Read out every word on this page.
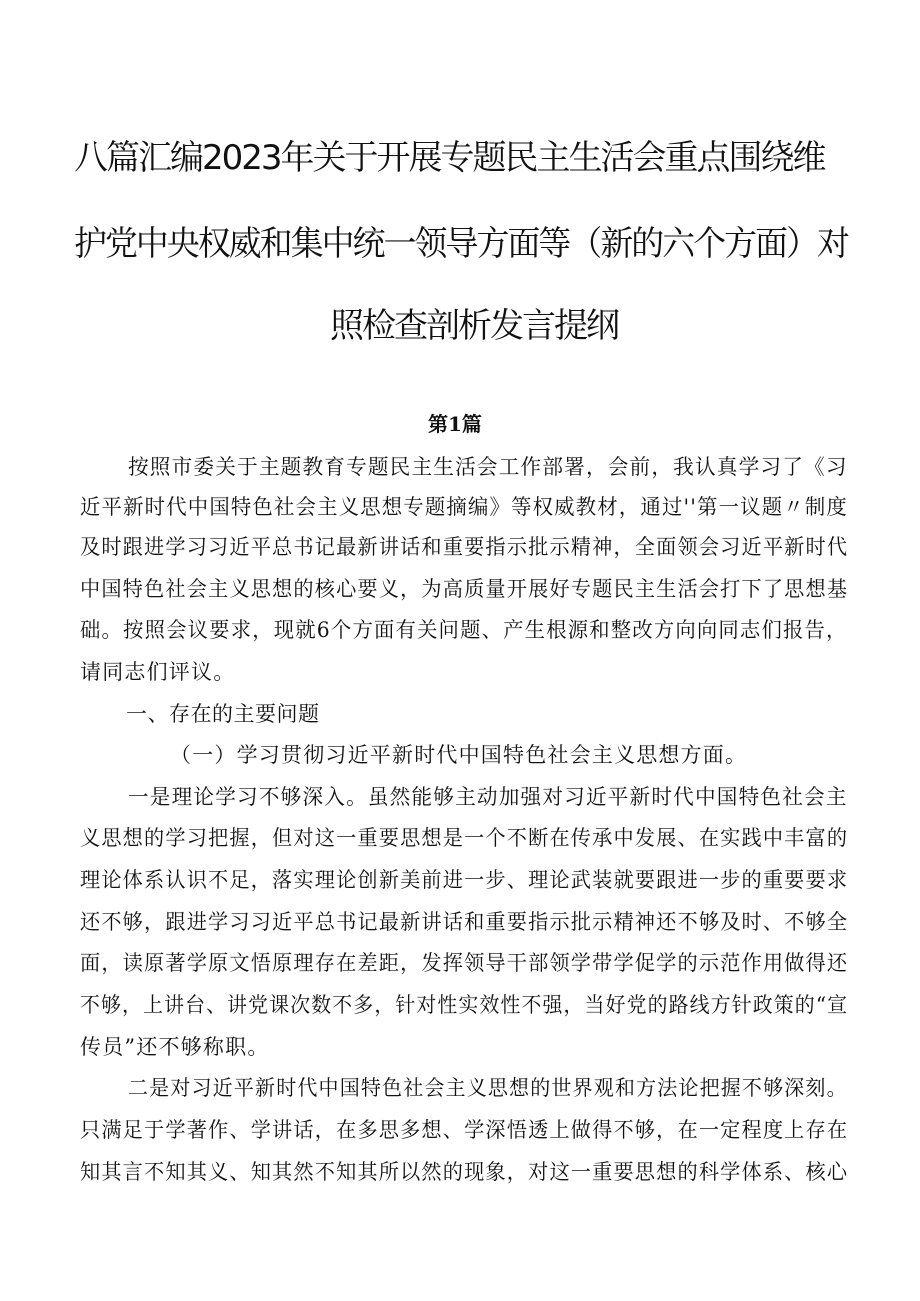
八篇汇编2023年关于开展专题民主生活会重点围绕维
护党中央权威和集中统一领导方面等（新的六个方面）对
照检查剖析发言提纲
第1篇
按照市委关于主题教育专题民主生活会工作部署，会前，我认真学习了《习
近平新时代中国特色社会主义思想专题摘编》等权威教材，通过''第一议题〃制度
及时跟进学习习近平总书记最新讲话和重要指示批示精神，全面领会习近平新时代
中国特色社会主义思想的核心要义，为高质量开展好专题民主生活会打下了思想基
础。按照会议要求，现就6个方面有关问题、产生根源和整改方向向同志们报告，
请同志们评议。
一、存在的主要问题
（一）学习贯彻习近平新时代中国特色社会主义思想方面。
一是理论学习不够深入。虽然能够主动加强对习近平新时代中国特色社会主
义思想的学习把握，但对这一重要思想是一个不断在传承中发展、在实践中丰富的
理论体系认识不足，落实理论创新美前进一步、理论武装就要跟进一步的重要要求
还不够，跟进学习习近平总书记最新讲话和重要指示批示精神还不够及时、不够全
面，读原著学原文悟原理存在差距，发挥领导干部领学带学促学的示范作用做得还
不够，上讲台、讲党课次数不多，针对性实效性不强，当好党的路线方针政策的“宣
传员”还不够称职。
二是对习近平新时代中国特色社会主义思想的世界观和方法论把握不够深刻。
只满足于学著作、学讲话，在多思多想、学深悟透上做得不够，在一定程度上存在
知其言不知其义、知其然不知其所以然的现象，对这一重要思想的科学体系、核心
